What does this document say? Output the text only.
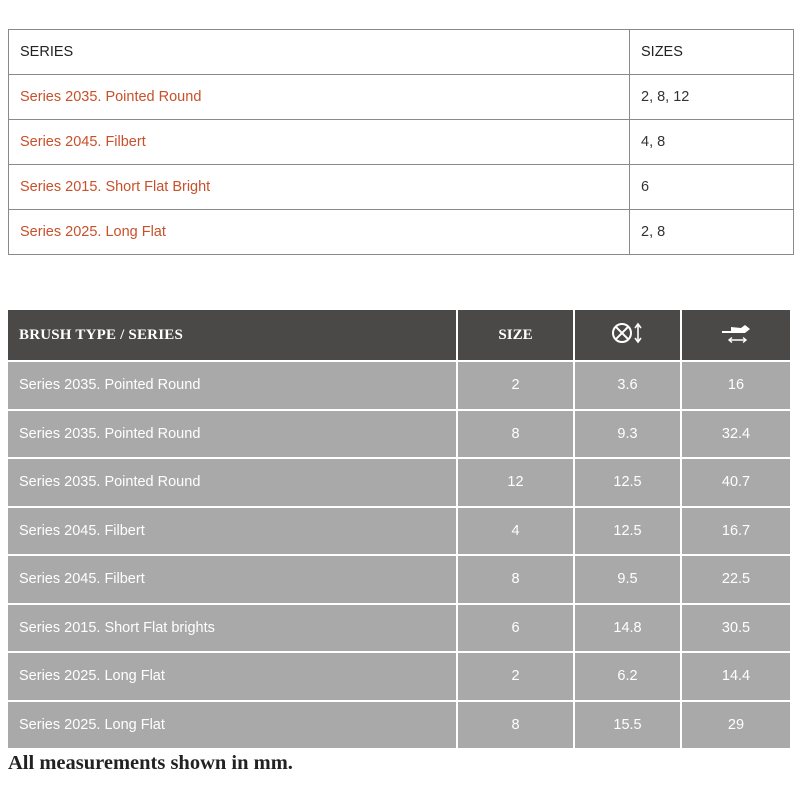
SERIES	SIZES
Series 2035. Pointed Round	2, 8, 12
Series 2045. Filbert	4, 8
Series 2015. Short Flat Bright	6
Series 2025. Long Flat	2, 8
BRUSH TYPE / SERIES	SIZE		
Series 2035. Pointed Round	2	3.6	16
Series 2035. Pointed Round	8	9.3	32.4
Series 2035. Pointed Round	12	12.5	40.7
Series 2045. Filbert	4	12.5	16.7
Series 2045. Filbert	8	9.5	22.5
Series 2015. Short Flat brights	6	14.8	30.5
Series 2025. Long Flat	2	6.2	14.4
Series 2025. Long Flat	8	15.5	29
All measurements shown in mm.
